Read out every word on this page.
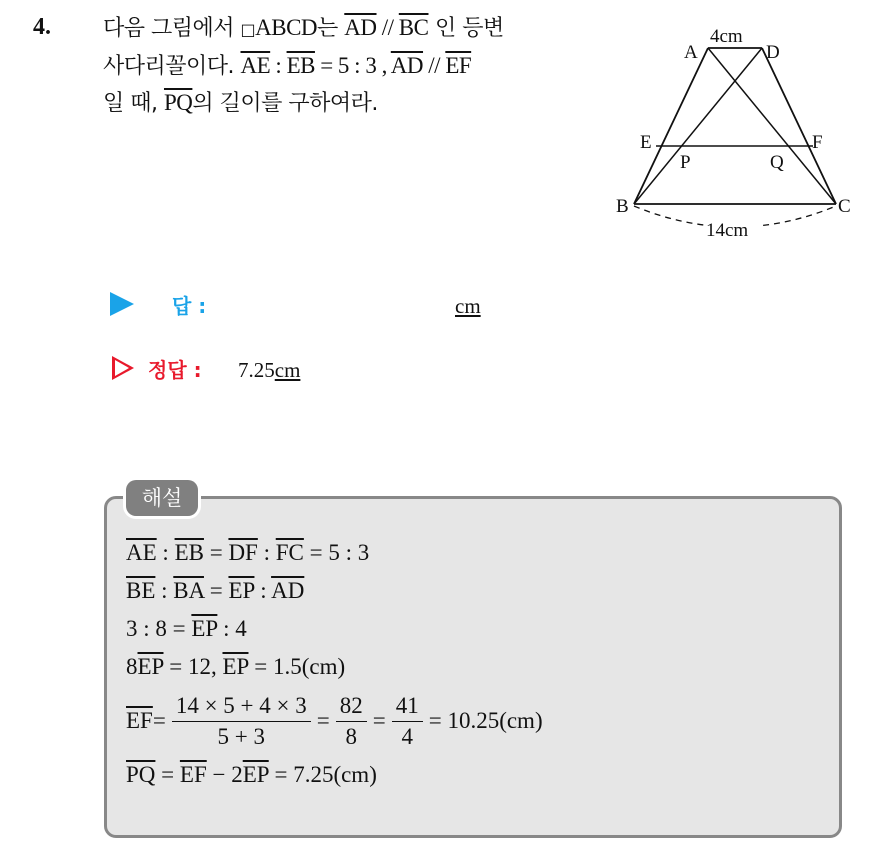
4. 다음 그림에서 □ABCD는 $\overline{AD} // \overline{BC}$ 인 등변
사다리꼴이다. $\overline{AE}$ : $\overline{EB} = 5$ : 3 , $\overline{AD} // \overline{EF}$
일 때, $\overline{PQ}$의 길이를 구하여라.
A	D
4cm
E	F
P	Q
B	C
14cm
답 :	cm
정답 : 7.25cm
해설
$\overline{AE}$ : $\overline{EB} = \overline{DF}$ : $\overline{FC} = 5$ : 3
$\overline{BE}$ : $\overline{BA} = \overline{EP}$ : $\overline{AD}$
3 : $8 = \overline{EP}$ : 4
$8\overline{EP} = 12$, $\overline{EP} = 1.5(cm)$
$\overline{EF} = \frac{14 \times 5 + 4 \times 3}{5 + 3} = \frac{82}{8} = \frac{41}{4} = 10.25(cm)$
$\overline{PQ} = \overline{EF} - 2\overline{EP} = 7.25(cm)$
